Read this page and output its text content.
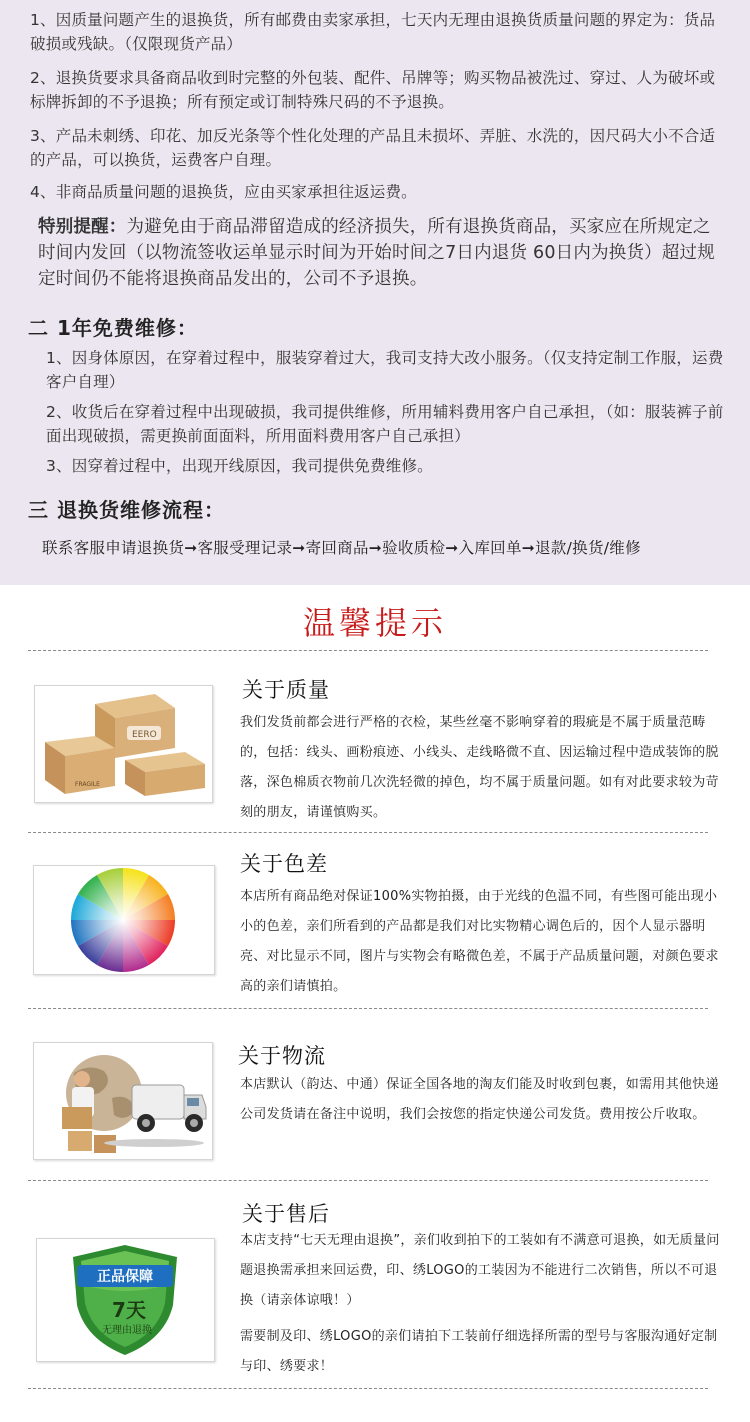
1、因质量问题产生的退换货，所有邮费由卖家承担，七天内无理由退换货质量问题的界定为：货品破损或残缺。（仅限现货产品）
2、退换货要求具备商品收到时完整的外包装、配件、吊牌等；购买物品被洗过、穿过、人为破坏或标牌拆卸的不予退换；所有预定或订制特殊尺码的不予退换。
3、产品未刺绣、印花、加反光条等个性化处理的产品且未损坏、弄脏、水洗的，因尺码大小不合适的产品，可以换货，运费客户自理。
4、非商品质量问题的退换货，应由买家承担往返运费。
特别提醒：为避免由于商品滞留造成的经济损失，所有退换货商品，买家应在所规定之时间内发回（以物流签收运单显示时间为开始时间之7日内退货 60日内为换货）超过规定时间仍不能将退换商品发出的，公司不予退换。
二 1年免费维修：
1、因身体原因，在穿着过程中，服装穿着过大，我司支持大改小服务。（仅支持定制工作服，运费客户自理）
2、收货后在穿着过程中出现破损，我司提供维修，所用辅料费用客户自己承担，（如：服装裤子前面出现破损，需更换前面面料，所用面料费用客户自己承担）
3、因穿着过程中，出现开线原因，我司提供免费维修。
三 退换货维修流程：
联系客服申请退换货➞客服受理记录➞寄回商品➞验收质检➞入库回单➞退款/换货/维修
温馨提示
EERO
FRAGILE
关于质量
我们发货前都会进行严格的衣检，某些丝毫不影响穿着的瑕疵是不属于质量范畴的，包括：线头、画粉痕迹、小线头、走线略微不直、因运输过程中造成装饰的脱落，深色棉质衣物前几次洗轻微的掉色，均不属于质量问题。如有对此要求较为苛刻的朋友，请谨慎购买。
关于色差
本店所有商品绝对保证100%实物拍摄，由于光线的色温不同，有些图可能出现小小的色差，亲们所看到的产品都是我们对比实物精心调色后的，因个人显示器明亮、对比显示不同，图片与实物会有略微色差，不属于产品质量问题，对颜色要求高的亲们请慎拍。
关于物流
本店默认（韵达、中通）保证全国各地的淘友们能及时收到包裹，如需用其他快递公司发货请在备注中说明，我们会按您的指定快递公司发货。费用按公斤收取。
正品保障
7天
无理由退换
关于售后
本店支持“七天无理由退换”，亲们收到拍下的工装如有不满意可退换，如无质量问题退换需承担来回运费，印、绣LOGO的工装因为不能进行二次销售，所以不可退换（请亲体谅哦！）
需要制及印、绣LOGO的亲们请拍下工装前仔细选择所需的型号与客服沟通好定制与印、绣要求！
